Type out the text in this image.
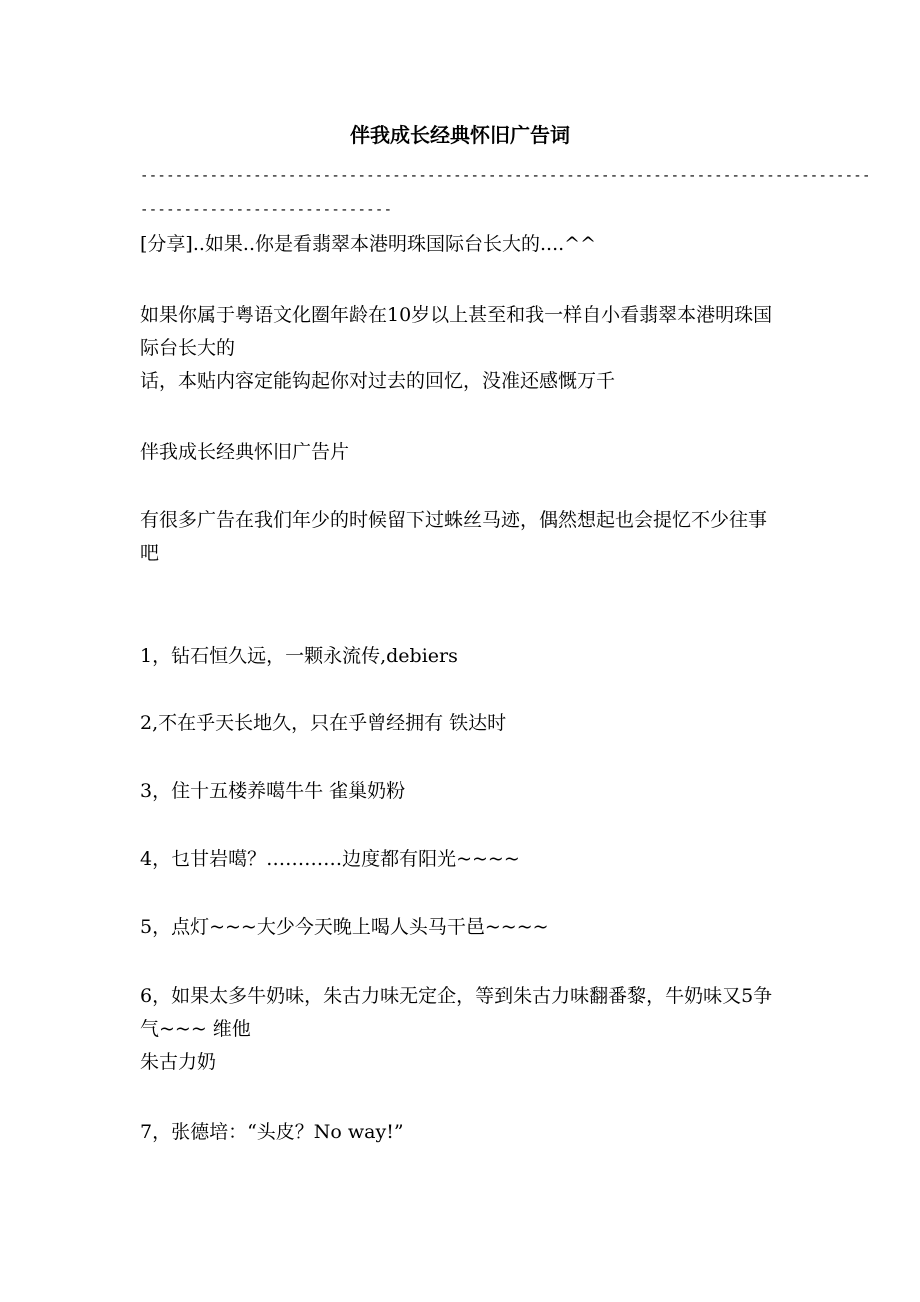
伴我成长经典怀旧广告词
------------------------------------------------------------------------------------
-----------------------------
[分享]..如果..你是看翡翠本港明珠国际台长大的....^^
如果你属于粤语文化圈年龄在10岁以上甚至和我一样自小看翡翠本港明珠国际台长大的
话，本贴内容定能钩起你对过去的回忆，没准还感慨万千
伴我成长经典怀旧广告片
有很多广告在我们年少的时候留下过蛛丝马迹，偶然想起也会提忆不少往事吧
1，钻石恒久远，一颗永流传,debiers
2,不在乎天长地久，只在乎曾经拥有 铁达时
3，住十五楼养噶牛牛 雀巢奶粉
4，乜甘岩噶？…………边度都有阳光~~~~
5，点灯~~~大少今天晚上喝人头马干邑~~~~
6，如果太多牛奶味，朱古力味无定企，等到朱古力味翻番黎，牛奶味又5争气~~~ 维他
朱古力奶
7，张德培：“头皮？No way!”
